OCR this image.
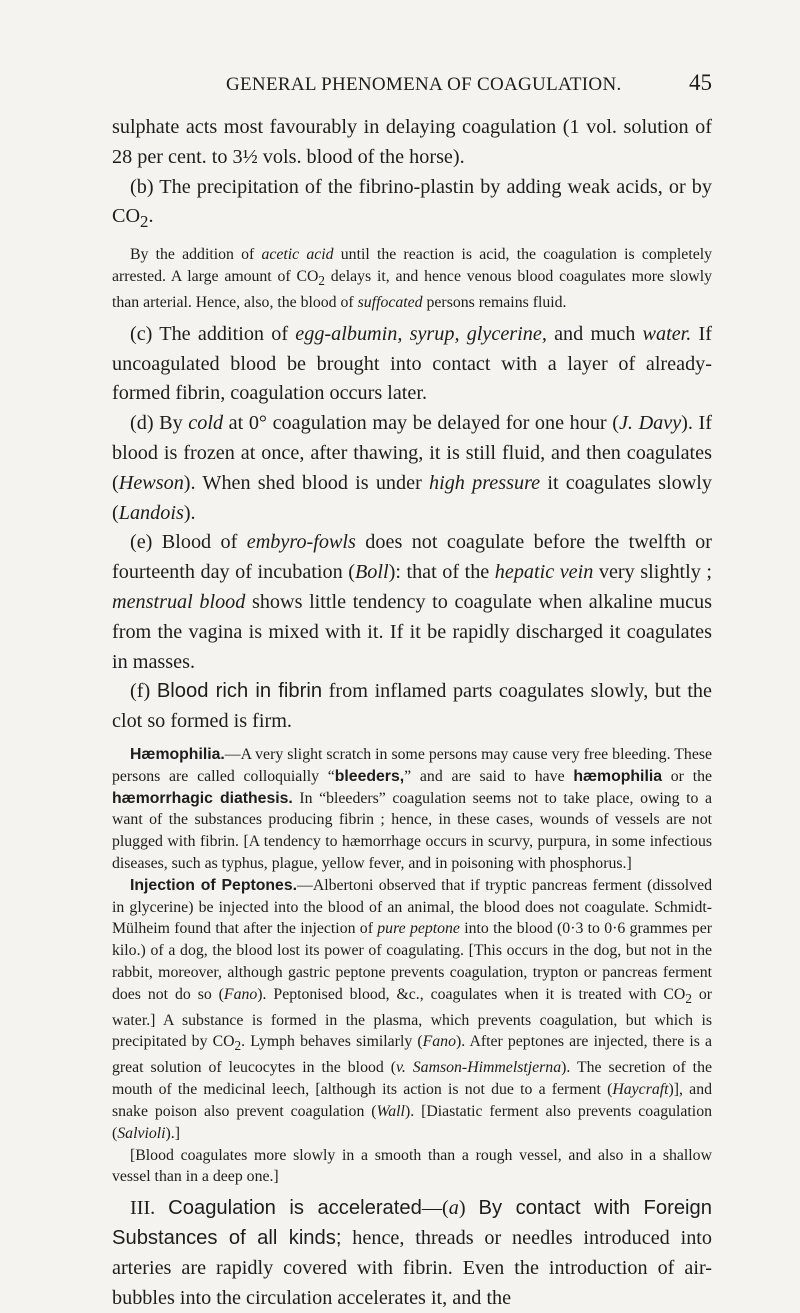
GENERAL PHENOMENA OF COAGULATION.	45

sulphate acts most favourably in delaying coagulation (1 vol. solution of 28 per cent. to 3½ vols. blood of the horse).

(b) The precipitation of the fibrino-plastin by adding weak acids, or by $CO_2$.

By the addition of acetic acid until the reaction is acid, the coagulation is completely arrested. A large amount of $CO_2$ delays it, and hence venous blood coagulates more slowly than arterial. Hence, also, the blood of suffocated persons remains fluid.

(c) The addition of egg-albumin, syrup, glycerine, and much water. If uncoagulated blood be brought into contact with a layer of already-formed fibrin, coagulation occurs later.

(d) By cold at 0° coagulation may be delayed for one hour (J. Davy). If blood is frozen at once, after thawing, it is still fluid, and then coagulates (Hewson). When shed blood is under high pressure it coagulates slowly (Landois).

(e) Blood of embyro-fowls does not coagulate before the twelfth or fourteenth day of incubation (Boll): that of the hepatic vein very slightly ; menstrual blood shows little tendency to coagulate when alkaline mucus from the vagina is mixed with it. If it be rapidly discharged it coagulates in masses.

(f) Blood rich in fibrin from inflamed parts coagulates slowly, but the clot so formed is firm.

Hæmophilia.—A very slight scratch in some persons may cause very free bleeding. These persons are called colloquially “bleeders,” and are said to have hæmophilia or the hæmorrhagic diathesis. In “bleeders” coagulation seems not to take place, owing to a want of the substances producing fibrin ; hence, in these cases, wounds of vessels are not plugged with fibrin. [A tendency to hæmorrhage occurs in scurvy, purpura, in some infectious diseases, such as typhus, plague, yellow fever, and in poisoning with phosphorus.]

Injection of Peptones.—Albertoni observed that if tryptic pancreas ferment (dissolved in glycerine) be injected into the blood of an animal, the blood does not coagulate. Schmidt-Mülheim found that after the injection of pure peptone into the blood (0·3 to 0·6 grammes per kilo.) of a dog, the blood lost its power of coagulating. [This occurs in the dog, but not in the rabbit, moreover, although gastric peptone prevents coagulation, trypton or pancreas ferment does not do so (Fano). Peptonised blood, &c., coagulates when it is treated with $CO_2$ or water.] A substance is formed in the plasma, which prevents coagulation, but which is precipitated by $CO_2$. Lymph behaves similarly (Fano). After peptones are injected, there is a great solution of leucocytes in the blood (v. Samson-Himmelstjerna). The secretion of the mouth of the medicinal leech, [although its action is not due to a ferment (Haycraft)], and snake poison also prevent coagulation (Wall). [Diastatic ferment also prevents coagulation (Salvioli).]

[Blood coagulates more slowly in a smooth than a rough vessel, and also in a shallow vessel than in a deep one.]

III. Coagulation is accelerated—(a) By contact with Foreign Substances of all kinds; hence, threads or needles introduced into arteries are rapidly covered with fibrin. Even the introduction of air-bubbles into the circulation accelerates it, and the
